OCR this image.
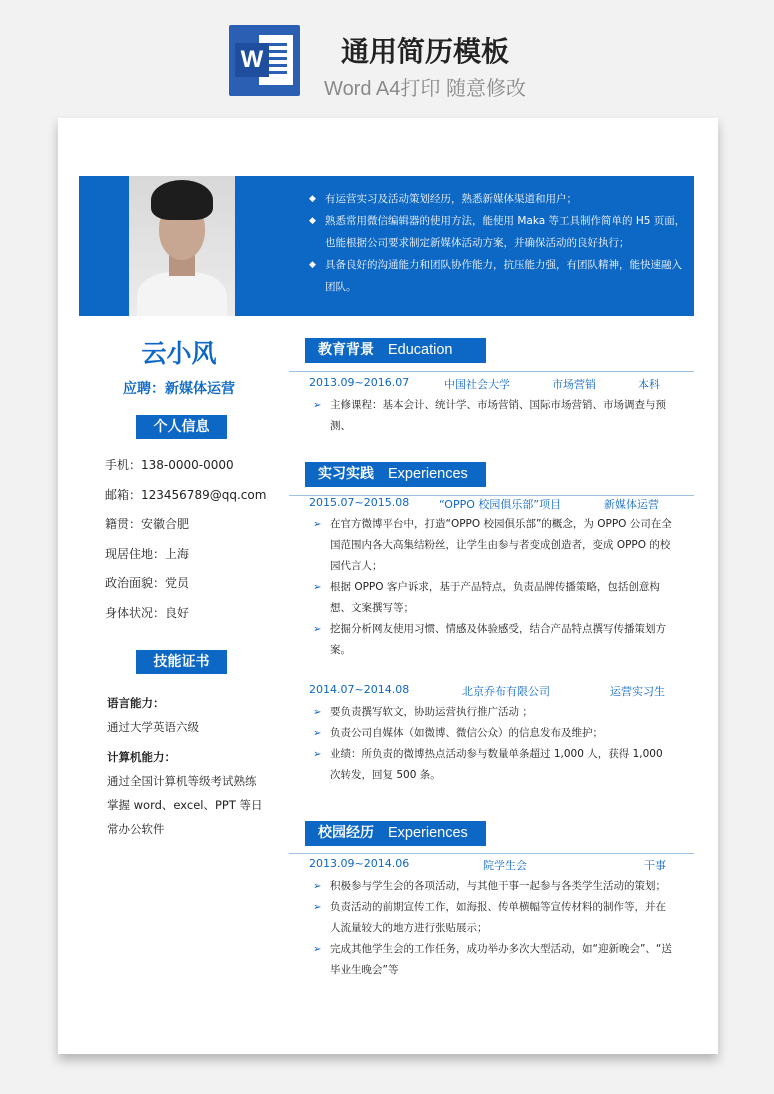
W	通用简历模板
Word A4打印 随意修改
◆ 有运营实习及活动策划经历，熟悉新媒体渠道和用户；
◆ 熟悉常用微信编辑器的使用方法，能使用 Maka 等工具制作简单的 H5 页面，也能根据公司要求制定新媒体活动方案，并确保活动的良好执行；
◆ 具备良好的沟通能力和团队协作能力，抗压能力强，有团队精神，能快速融入团队。
云小风
应聘：新媒体运营
个人信息
手机：138-0000-0000
邮箱：123456789@qq.com
籍贯：安徽合肥
现居住地：上海
政治面貌：党员
身体状况：良好
技能证书
语言能力：
通过大学英语六级
计算机能力：
通过全国计算机等级考试熟练
掌握 word、excel、PPT 等日
常办公软件
教育背景 Education
2013.09~2016.07	中国社会大学	市场营销	本科
➢ 主修课程：基本会计、统计学、市场营销、国际市场营销、市场调查与预测、
实习实践 Experiences
2015.07~2015.08	“OPPO 校园俱乐部”项目	新媒体运营
➢ 在官方微博平台中，打造“OPPO 校园俱乐部”的概念，为 OPPO 公司在全国范围内各大高集结粉丝，让学生由参与者变成创造者，变成 OPPO 的校园代言人；
➢ 根据 OPPO 客户诉求，基于产品特点，负责品牌传播策略，包括创意构想、文案撰写等；
➢ 挖掘分析网友使用习惯、情感及体验感受，结合产品特点撰写传播策划方案。
2014.07~2014.08	北京乔布有限公司	运营实习生
➢ 要负责撰写软文，协助运营执行推广活动 ；
➢ 负责公司自媒体（如微博、微信公众）的信息发布及维护；
➢ 业绩：所负责的微博热点活动参与数量单条超过 1,000 人，获得 1,000 次转发，回复 500 条。
校园经历 Experiences
2013.09~2014.06	院学生会	干事
➢ 积极参与学生会的各项活动，与其他干事一起参与各类学生活动的策划；
➢ 负责活动的前期宣传工作，如海报、传单横幅等宣传材料的制作等，并在人流量较大的地方进行张贴展示；
➢ 完成其他学生会的工作任务，成功举办多次大型活动，如“迎新晚会”、“送毕业生晚会”等
